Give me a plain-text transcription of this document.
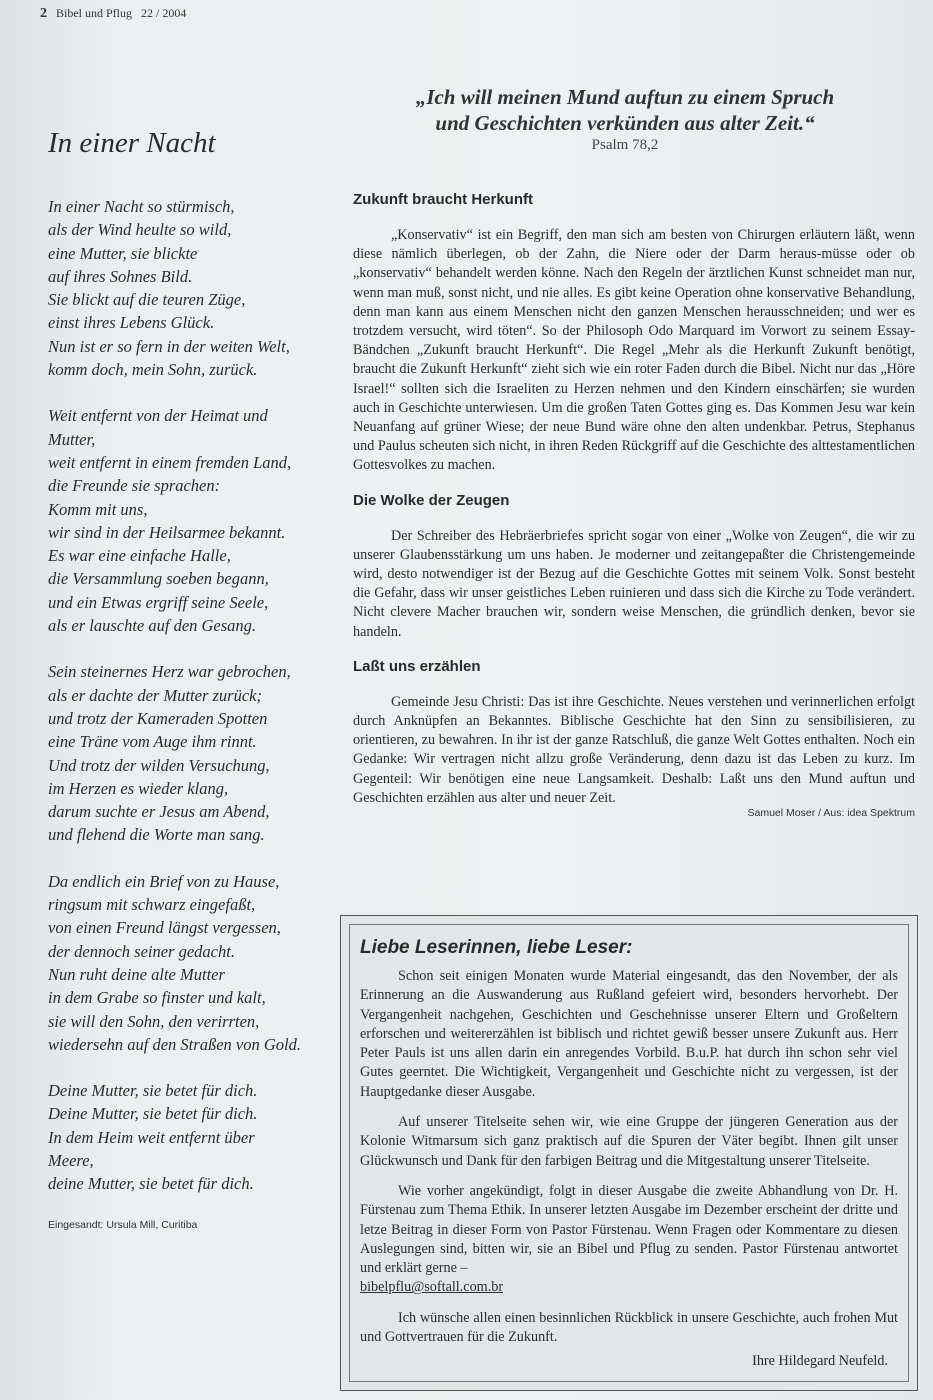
2 Bibel und Pflug 22 / 2004
„Ich will meinen Mund auftun zu einem Spruch
und Geschichten verkünden aus alter Zeit.“
Psalm 78,2
In einer Nacht
In einer Nacht so stürmisch,
als der Wind heulte so wild,
eine Mutter, sie blickte
auf ihres Sohnes Bild.
Sie blickt auf die teuren Züge,
einst ihres Lebens Glück.
Nun ist er so fern in der weiten Welt,
komm doch, mein Sohn, zurück.
Weit entfernt von der Heimat und
Mutter,
weit entfernt in einem fremden Land,
die Freunde sie sprachen:
Komm mit uns,
wir sind in der Heilsarmee bekannt.
Es war eine einfache Halle,
die Versammlung soeben begann,
und ein Etwas ergriff seine Seele,
als er lauschte auf den Gesang.
Sein steinernes Herz war gebrochen,
als er dachte der Mutter zurück;
und trotz der Kameraden Spotten
eine Träne vom Auge ihm rinnt.
Und trotz der wilden Versuchung,
im Herzen es wieder klang,
darum suchte er Jesus am Abend,
und flehend die Worte man sang.
Da endlich ein Brief von zu Hause,
ringsum mit schwarz eingefaßt,
von einen Freund längst vergessen,
der dennoch seiner gedacht.
Nun ruht deine alte Mutter
in dem Grabe so finster und kalt,
sie will den Sohn, den verirrten,
wiedersehn auf den Straßen von Gold.
Deine Mutter, sie betet für dich.
Deine Mutter, sie betet für dich.
In dem Heim weit entfernt über
Meere,
deine Mutter, sie betet für dich.
Eingesandt: Ursula Mill, Curitiba
Zukunft braucht Herkunft

„Konservativ“ ist ein Begriff, den man sich am besten von Chirurgen erläutern läßt, wenn diese nämlich überlegen, ob der Zahn, die Niere oder der Darm heraus-müsse oder ob „konservativ“ behandelt werden könne. Nach den Regeln der ärztlichen Kunst schneidet man nur, wenn man muß, sonst nicht, und nie alles. Es gibt keine Operation ohne konservative Behandlung, denn man kann aus einem Menschen nicht den ganzen Menschen herausschneiden; und wer es trotzdem versucht, wird töten“. So der Philosoph Odo Marquard im Vorwort zu seinem Essay-Bändchen „Zukunft braucht Herkunft“. Die Regel „Mehr als die Herkunft Zukunft benötigt, braucht die Zukunft Herkunft“ zieht sich wie ein roter Faden durch die Bibel. Nicht nur das „Höre Israel!“ sollten sich die Israeliten zu Herzen nehmen und den Kindern einschärfen; sie wurden auch in Geschichte unterwiesen. Um die großen Taten Gottes ging es. Das Kommen Jesu war kein Neuanfang auf grüner Wiese; der neue Bund wäre ohne den alten undenkbar. Petrus, Stephanus und Paulus scheuten sich nicht, in ihren Reden Rückgriff auf die Geschichte des alttestamentlichen Gottesvolkes zu machen.

Die Wolke der Zeugen

Der Schreiber des Hebräerbriefes spricht sogar von einer „Wolke von Zeugen“, die wir zu unserer Glaubensstärkung um uns haben. Je moderner und zeitangepaßter die Christengemeinde wird, desto notwendiger ist der Bezug auf die Geschichte Gottes mit seinem Volk. Sonst besteht die Gefahr, dass wir unser geistliches Leben ruinieren und dass sich die Kirche zu Tode verändert. Nicht clevere Macher brauchen wir, sondern weise Menschen, die gründlich denken, bevor sie handeln.

Laßt uns erzählen

Gemeinde Jesu Christi: Das ist ihre Geschichte. Neues verstehen und verinnerlichen erfolgt durch Anknüpfen an Bekanntes. Biblische Geschichte hat den Sinn zu sensibilisieren, zu orientieren, zu bewahren. In ihr ist der ganze Ratschluß, die ganze Welt Gottes enthalten. Noch ein Gedanke: Wir vertragen nicht allzu große Veränderung, denn dazu ist das Leben zu kurz. Im Gegenteil: Wir benötigen eine neue Langsamkeit. Deshalb: Laßt uns den Mund auftun und Geschichten erzählen aus alter und neuer Zeit.

Samuel Moser / Aus: idea Spektrum
Liebe Leserinnen, liebe Leser:

Schon seit einigen Monaten wurde Material eingesandt, das den November, der als Erinnerung an die Auswanderung aus Rußland gefeiert wird, besonders hervorhebt. Der Vergangenheit nachgehen, Geschichten und Geschehnisse unserer Eltern und Großeltern erforschen und weitererzählen ist biblisch und richtet gewiß besser unsere Zukunft aus. Herr Peter Pauls ist uns allen darin ein anregendes Vorbild. B.u.P. hat durch ihn schon sehr viel Gutes geerntet. Die Wichtigkeit, Vergangenheit und Geschichte nicht zu vergessen, ist der Hauptgedanke dieser Ausgabe.

Auf unserer Titelseite sehen wir, wie eine Gruppe der jüngeren Generation aus der Kolonie Witmarsum sich ganz praktisch auf die Spuren der Väter begibt. Ihnen gilt unser Glückwunsch und Dank für den farbigen Beitrag und die Mitgestaltung unserer Titelseite.

Wie vorher angekündigt, folgt in dieser Ausgabe die zweite Abhandlung von Dr. H. Fürstenau zum Thema Ethik. In unserer letzten Ausgabe im Dezember erscheint der dritte und letze Beitrag in dieser Form von Pastor Fürstenau. Wenn Fragen oder Kommentare zu diesen Auslegungen sind, bitten wir, sie an Bibel und Pflug zu senden. Pastor Fürstenau antwortet und erklärt gerne –
bibelpflu@softall.com.br

Ich wünsche allen einen besinnlichen Rückblick in unsere Geschichte, auch frohen Mut und Gottvertrauen für die Zukunft.

Ihre Hildegard Neufeld.
